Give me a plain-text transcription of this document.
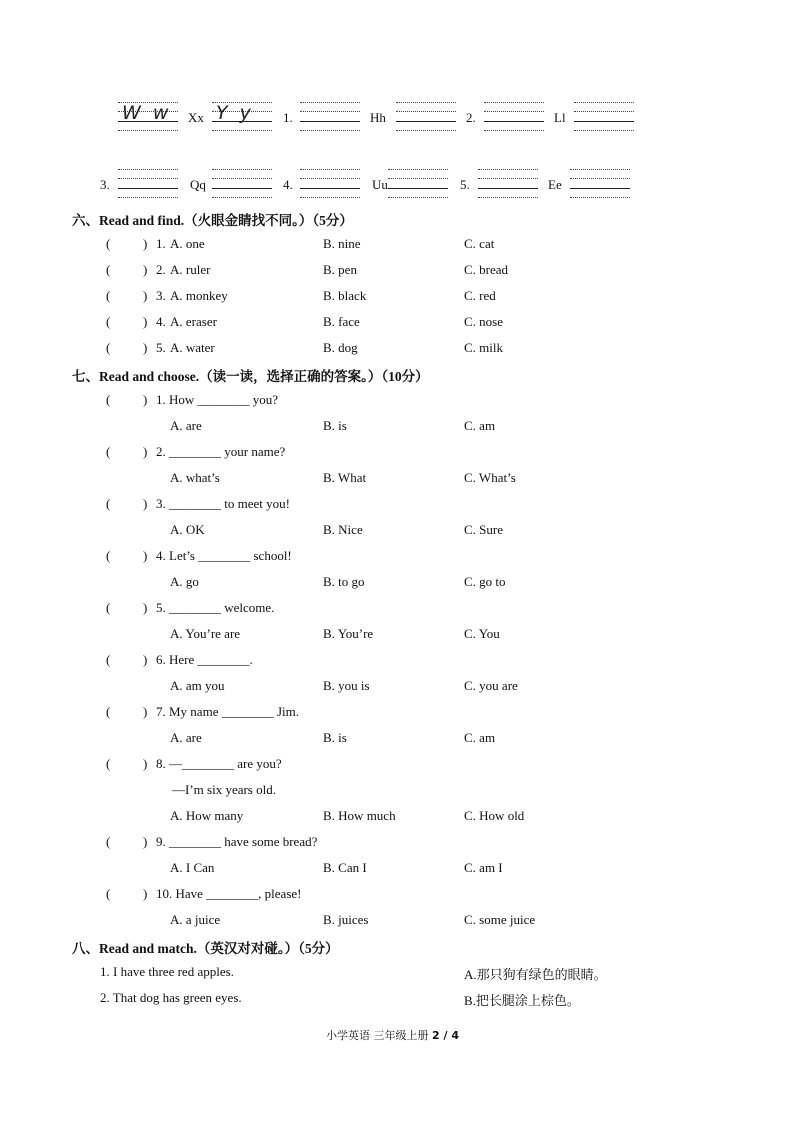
W w Xx Y y 1.	Hh	2.	Ll
3.	Qq	4.	Uu	5.	Ee
六、Read and find.（火眼金睛找不同。）（5分）
(	) 1. A. one	B. nine	C. cat
(	) 2. A. ruler	B. pen	C. bread
(	) 3. A. monkey	B. black	C. red
(	) 4. A. eraser	B. face	C. nose
(	) 5. A. water	B. dog	C. milk
七、Read and choose.（读一读，选择正确的答案。）（10分）
(	) 1. How ________ you?
A. are	B. is	C. am
(	) 2. ________ your name?
A. what’s	B. What	C. What’s
(	) 3. ________ to meet you!
A. OK	B. Nice	C. Sure
(	) 4. Let’s ________ school!
A. go	B. to go	C. go to
(	) 5. ________ welcome.
A. You’re are	B. You’re	C. You
(	) 6. Here ________.
A. am you	B. you is	C. you are
(	) 7. My name ________ Jim.
A. are	B. is	C. am
(	) 8. —________ are you?
—I’m six years old.
A. How many	B. How much	C. How old
(	) 9. ________ have some bread?
A. I Can	B. Can I	C. am I
(	) 10. Have ________, please!
A. a juice	B. juices	C. some juice
八、Read and match.（英汉对对碰。）（5分）
1. I have three red apples.
2. That dog has green eyes.
A.那只狗有绿色的眼睛。
B.把长腿涂上棕色。
小学英语 三年级上册 2 / 4
